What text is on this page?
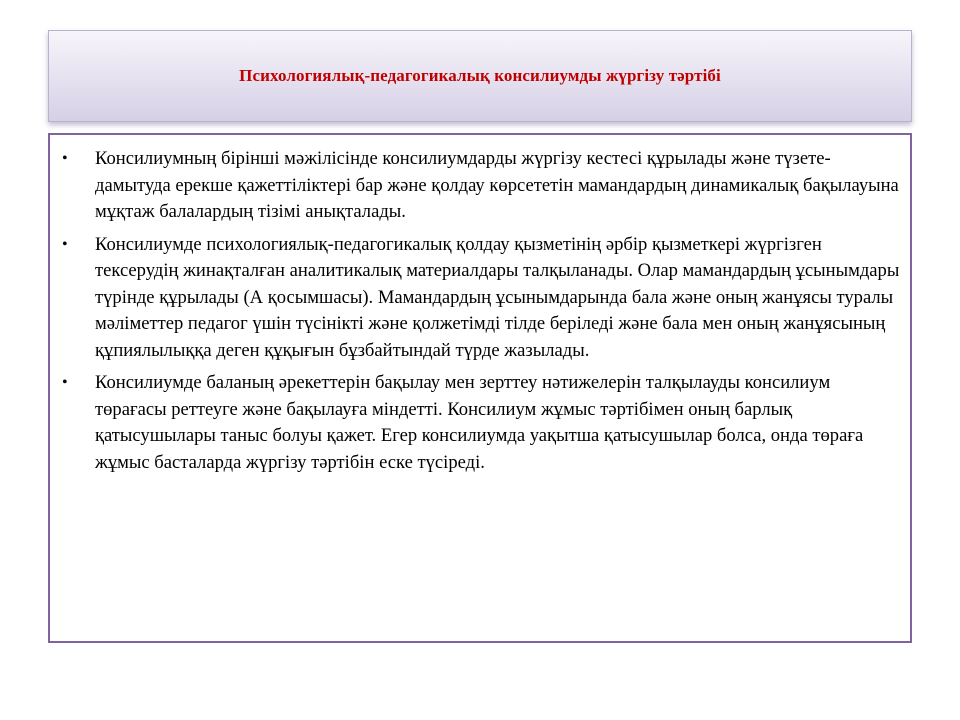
Психологиялық-педагогикалық консилиумды жүргізу тәртібі
• Консилиумның бірінші мәжілісінде консилиумдарды жүргізу кестесі құрылады және түзете-дамытуда ерекше қажеттіліктері бар және қолдау көрсететін мамандардың динамикалық бақылауына мұқтаж балалардың тізімі анықталады.
• Консилиумде психологиялық-педагогикалық қолдау қызметінің әрбір қызметкері жүргізген тексерудің жинақталған аналитикалық материалдары талқыланады. Олар мамандардың ұсынымдары түрінде құрылады (А қосымшасы). Мамандардың ұсынымдарында бала және оның жанұясы туралы мәліметтер педагог үшін түсінікті және қолжетімді тілде беріледі және бала мен оның жанұясының құпиялылыққа деген құқығын бұзбайтындай түрде жазылады.
• Консилиумде баланың әрекеттерін бақылау мен зерттеу нәтижелерін талқылауды консилиум төрағасы реттеуге және бақылауға міндетті. Консилиум жұмыс тәртібімен оның барлық қатысушылары таныс болуы қажет. Егер консилиумда уақытша қатысушылар болса, онда төраға жұмыс басталарда жүргізу тәртібін еске түсіреді.
